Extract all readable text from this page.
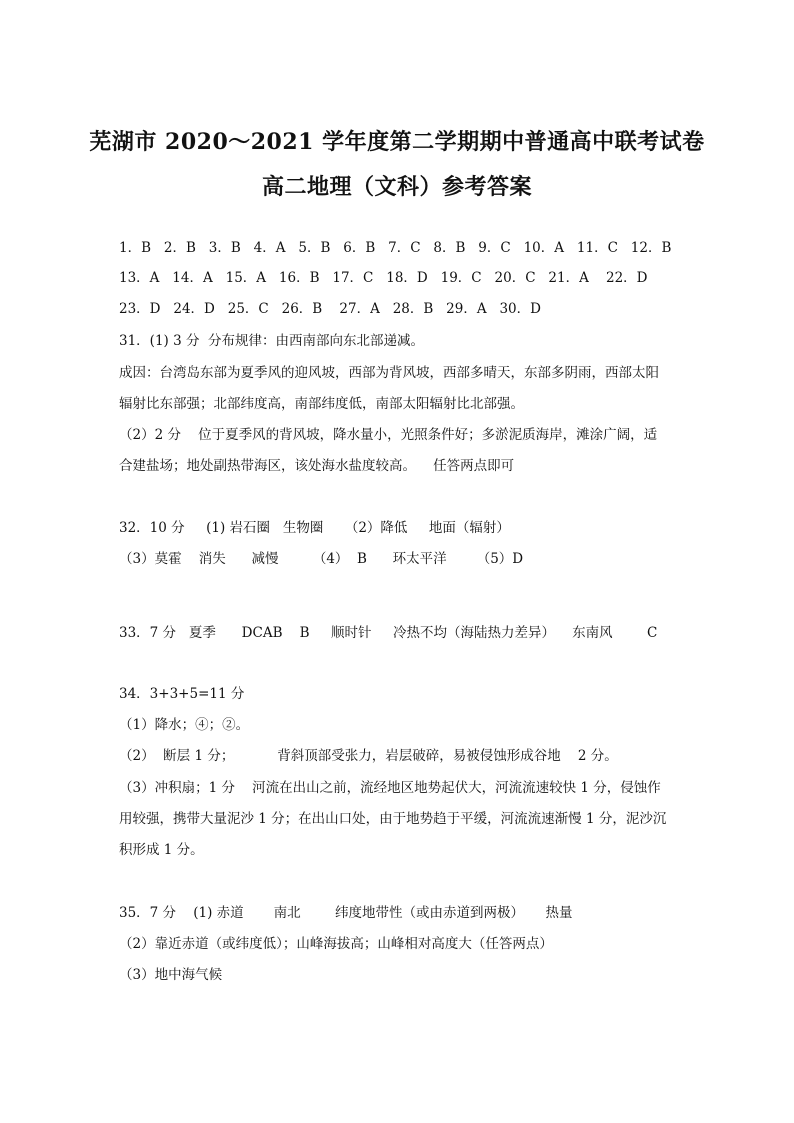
芜湖市 2020～2021 学年度第二学期期中普通高中联考试卷
高二地理（文科）参考答案
1．B   2．B   3．B   4．A   5．B   6．B   7．C   8．B   9．C   10．A   11．C   12．B
13．A   14．A   15．A   16．B   17．C   18．D   19．C   20．C   21．A    22．D
23．D   24．D   25．C   26．B    27．A   28．B   29．A   30．D
31．(1) 3 分  分布规律：由西南部向东北部递减。
成因：台湾岛东部为夏季风的迎风坡，西部为背风坡，西部多晴天，东部多阴雨，西部太阳
辐射比东部强；北部纬度高，南部纬度低，南部太阳辐射比北部强。
（2）2 分    位于夏季风的背风坡，降水量小，光照条件好；多淤泥质海岸，滩涂广阔，适
合建盐场；地处副热带海区，该处海水盐度较高。    任答两点即可
32．10 分     (1) 岩石圈   生物圈     （2）降低     地面（辐射）
（3）莫霍    消失      减慢        （4）  B      环太平洋       （5）D
33．7 分   夏季      DCAB    B     顺时针     冷热不均（海陆热力差异）    东南风        C
34．3+3+5=11 分
（1）降水；④；②。
（2）  断层 1 分；          背斜顶部受张力，岩层破碎，易被侵蚀形成谷地    2 分。
（3）冲积扇；1 分    河流在出山之前，流经地区地势起伏大，河流流速较快 1 分，侵蚀作
用较强，携带大量泥沙 1 分；在出山口处，由于地势趋于平缓，河流流速渐慢 1 分，泥沙沉
积形成 1 分。
35．7 分    (1) 赤道       南北        纬度地带性（或由赤道到两极）     热量
（2）靠近赤道（或纬度低）；山峰海拔高；山峰相对高度大（任答两点）
（3）地中海气候
